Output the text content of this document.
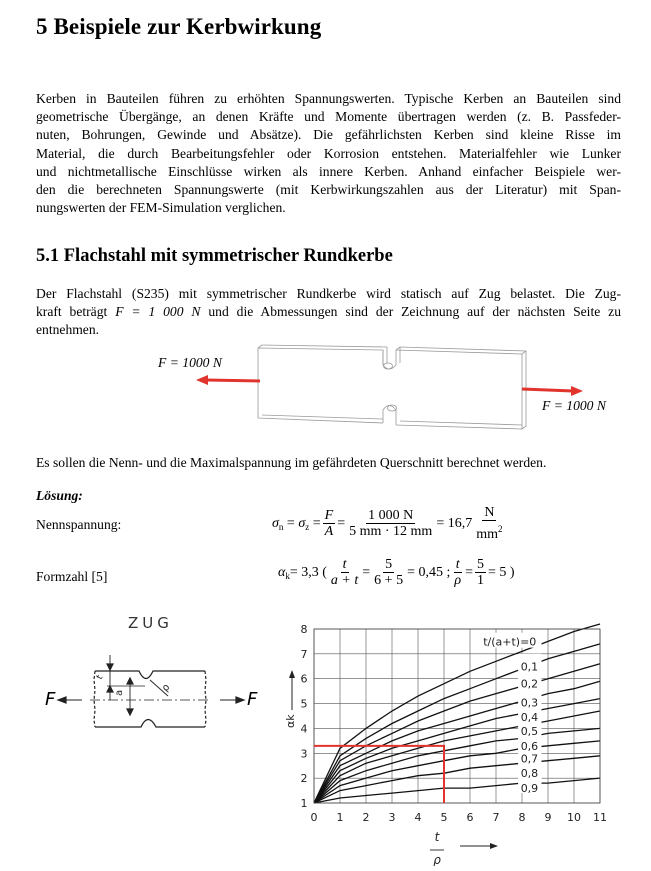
5 Beispiele zur Kerbwirkung
Kerben in Bauteilen führen zu erhöhten Spannungswerten. Typische Kerben an Bauteilen sind
geometrische Übergänge, an denen Kräfte und Momente übertragen werden (z. B. Passfeder-
nuten, Bohrungen, Gewinde und Absätze). Die gefährlichsten Kerben sind kleine Risse im
Material, die durch Bearbeitungsfehler oder Korrosion entstehen. Materialfehler wie Lunker
und nichtmetallische Einschlüsse wirken als innere Kerben. Anhand einfacher Beispiele wer-
den die berechneten Spannungswerte (mit Kerbwirkungszahlen aus der Literatur) mit Span-
nungswerten der FEM-Simulation verglichen.
5.1 Flachstahl mit symmetrischer Rundkerbe
Der Flachstahl (S235) mit symmetrischer Rundkerbe wird statisch auf Zug belastet. Die Zug-
kraft beträgt F = 1 000 N und die Abmessungen sind der Zeichnung auf der nächsten Seite zu
entnehmen.
F = 1000 N
F = 1000 N
Es sollen die Nenn- und die Maximalspannung im gefährdeten Querschnitt berechnet werden.
Lösung:
Nennspannung:	$\sigma_n = \sigma_z = \frac{F}{A} = \frac{1 000 N}{5 mm \cdot 12 mm} = 16,7 \frac{N}{mm^2}$
Formzahl [5]	$\alpha_k = 3,3$ ( $\frac{t}{a + t} = \frac{5}{6 + 5} = 0,45$ ; $\frac{t}{\rho} = \frac{5}{1} = 5$ )
ZUG
t
a	ρ
F	F
0 1 2 3 4 5 6 7 8 9 10 11
1
2
3
4
5
6
7
8
t/(a+t)=0
0,1
0,2
0,3
0,4
0,5
0,6
0,7
0,8
0,9
αk
t
ρ
